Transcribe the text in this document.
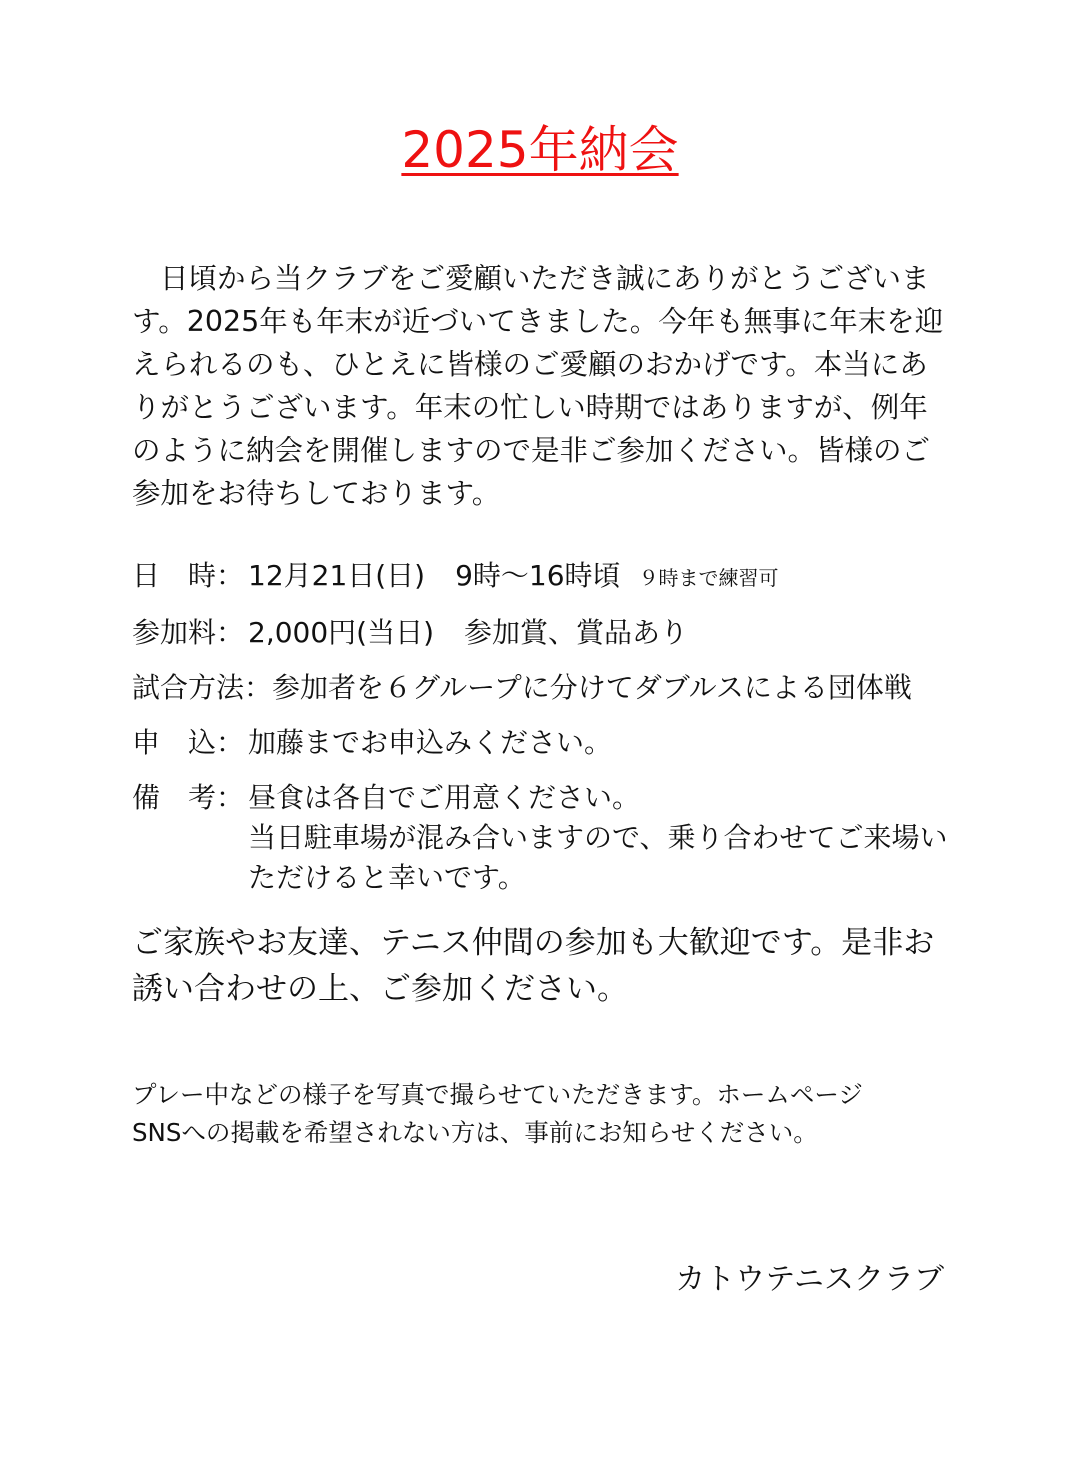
2025年納会

日頃から当クラブをご愛顧いただき誠にありがとうございます。2025年も年末が近づいてきました。今年も無事に年末を迎えられるのも、ひとえに皆様のご愛顧のおかげです。本当にありがとうございます。年末の忙しい時期ではありますが、例年のように納会を開催しますので是非ご参加ください。皆様のご参加をお待ちしております。

日　時： 12月21日(日) 9時〜16時頃 ９時まで練習可
参加料： 2,000円(当日) 参加賞、賞品あり
試合方法： 参加者を６グループに分けてダブルスによる団体戦
申　込： 加藤までお申込みください。
備　考： 昼食は各自でご用意ください。
当日駐車場が混み合いますので、乗り合わせてご来場いただけると幸いです。
ご家族やお友達、テニス仲間の参加も大歓迎です。是非お誘い合わせの上、ご参加ください。
プレー中などの様子を写真で撮らせていただきます。ホームページ
SNSへの掲載を希望されない方は、事前にお知らせください。
カトウテニスクラブ
